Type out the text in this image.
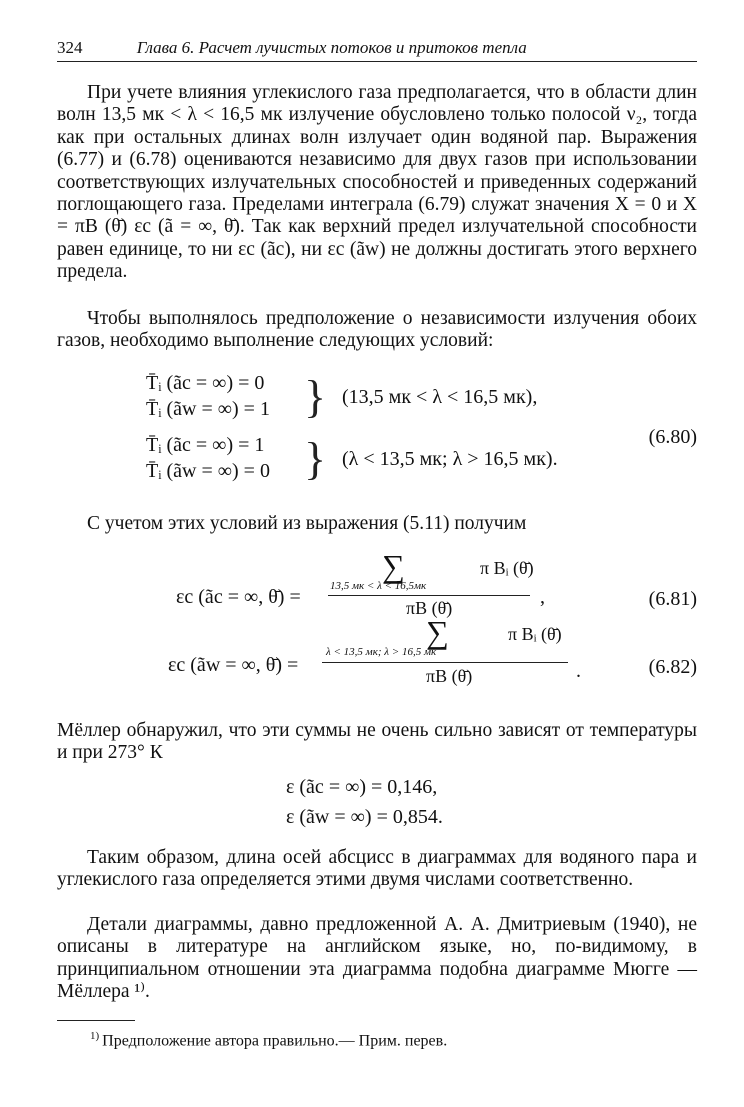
324	Глава 6. Расчет лучистых потоков и притоков тепла
При учете влияния углекислого газа предполагается, что в области длин волн 13,5 мк < λ < 16,5 мк излучение обусловлено только полосой ν₂, тогда как при остальных длинах волн излучает один водяной пар. Выражения (6.77) и (6.78) оцениваются независимо для двух газов при использовании соответствующих излучательных способностей и приведенных содержаний поглощающего газа. Пределами интеграла (6.79) служат значения X = 0 и X = πB (θ̄) εc (ã = ∞, θ̄). Так как верхний предел излучательной способности равен единице, то ни εc (ãc), ни εc (ãw) не должны достигать этого верхнего предела.
Чтобы выполнялось предположение о независимости излучения обоих газов, необходимо выполнение следующих условий:
T̄ᵢ (ãc = ∞) = 0
T̄ᵢ (ãw = ∞) = 1 } (13,5 мк < λ < 16,5 мк),
T̄ᵢ (ãc = ∞) = 1
T̄ᵢ (ãw = ∞) = 0 } (λ < 13,5 мк; λ > 16,5 мк).
(6.80)
С учетом этих условий из выражения (5.11) получим
∑	π Bᵢ (θ̄)
13,5 мк < λ < 16,5мк
εc (ãc = ∞, θ̄) =	πB (θ̄)	,	(6.81)
∑	π Bᵢ (θ̄)
λ < 13,5 мк; λ > 16,5 мк
εc (ãw = ∞, θ̄) =	πB (θ̄)	.	(6.82)
Мёллер обнаружил, что эти суммы не очень сильно зависят от температуры и при 273° К
ε (ãc = ∞) = 0,146,
ε (ãw = ∞) = 0,854.
Таким образом, длина осей абсцисс в диаграммах для водяного пара и углекислого газа определяется этими двумя числами соответственно.
Детали диаграммы, давно предложенной А. А. Дмитриевым (1940), не описаны в литературе на английском языке, но, по-видимому, в принципиальном отношении эта диаграмма подобна диаграмме Мюгге — Мёллера ¹⁾.
$^{1)}$ Предположение автора правильно.— Прим. перев.
